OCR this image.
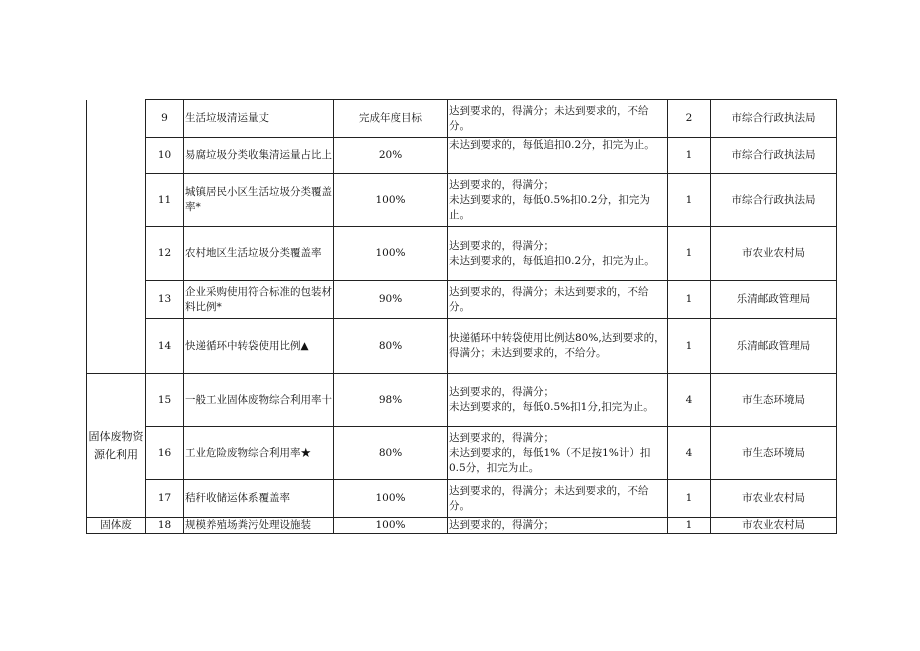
	9	生活垃圾清运量丈	完成年度目标	达到要求的，得满分；未达到要求的，不给分。	2	市综合行政执法局
	10	易腐垃圾分类收集清运量占比上	20%	未达到要求的，每低追扣0.2分，扣完为止。	1	市综合行政执法局
	11	城镇居民小区生活垃圾分类覆盖率*	100%	达到要求的，得满分；
未达到要求的，每低0.5%扣0.2分，扣完为止。	1	市综合行政执法局
	12	农村地区生活垃圾分类覆盖率	100%	达到要求的，得满分；
未达到要求的，每低追扣0.2分，扣完为止。	1	市农业农村局
	13	企业采购使用符合标准的包装材料比例*	90%	达到要求的，得满分；未达到要求的，不给分。	1	乐清邮政管理局
	14	快递循环中转袋使用比例▲	80%	快递循环中转袋使用比例达80%,达到要求的，得满分；未达到要求的，不给分。	1	乐清邮政管理局
固体废物资源化利用	15	一般工业固体废物综合利用率十	98%	达到要求的，得满分；
未达到要求的，每低0.5%扣1分,扣完为止。	4	市生态环境局
	16	工业危险废物综合利用率★	80%	达到要求的，得满分；
未达到要求的，每低1%（不足按1%计）扣0.5分，扣完为止。	4	市生态环境局
	17	秸秆收储运体系覆盖率	100%	达到要求的，得满分；未达到要求的，不给分。	1	市农业农村局
固体废	18	规模养殖场粪污处理设施装	100%	达到要求的，得满分；	1	市农业农村局
